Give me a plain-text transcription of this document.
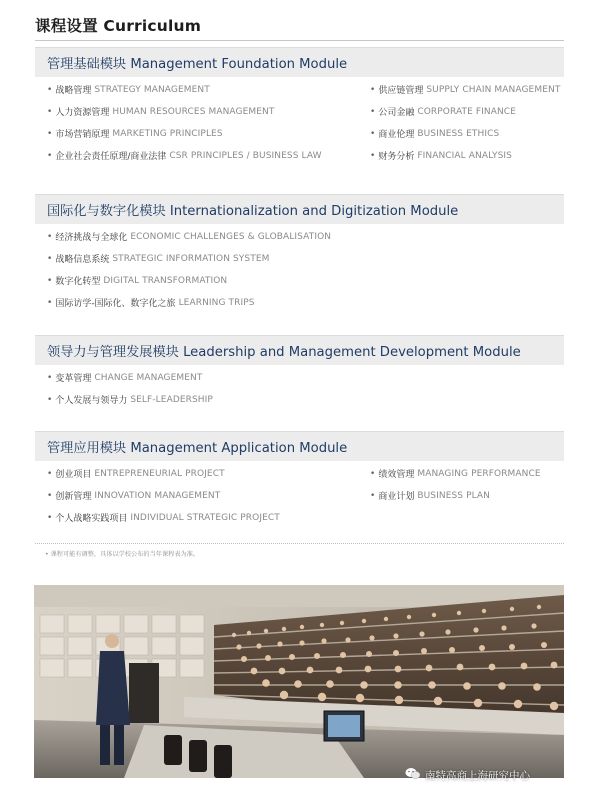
课程设置 Curriculum
管理基础模块 Management Foundation Module
• 战略管理 STRATEGY MANAGEMENT
• 人力资源管理 HUMAN RESOURCES MANAGEMENT
• 市场营销原理 MARKETING PRINCIPLES
• 企业社会责任原理/商业法律 CSR PRINCIPLES / BUSINESS LAW
• 供应链管理 SUPPLY CHAIN MANAGEMENT
• 公司金融 CORPORATE FINANCE
• 商业伦理 BUSINESS ETHICS
• 财务分析 FINANCIAL ANALYSIS
国际化与数字化模块 Internationalization and Digitization Module
• 经济挑战与全球化 ECONOMIC CHALLENGES & GLOBALISATION
• 战略信息系统 STRATEGIC INFORMATION SYSTEM
• 数字化转型 DIGITAL TRANSFORMATION
• 国际访学-国际化、数字化之旅 LEARNING TRIPS
领导力与管理发展模块 Leadership and Management Development Module
• 变革管理 CHANGE MANAGEMENT
• 个人发展与领导力 SELF-LEADERSHIP
管理应用模块 Management Application Module
• 创业项目 ENTREPRENEURIAL PROJECT
• 创新管理 INNOVATION MANAGEMENT
• 个人战略实践项目 INDIVIDUAL STRATEGIC PROJECT
• 绩效管理 MANAGING PERFORMANCE
• 商业计划 BUSINESS PLAN
• 课程可能有调整，具体以学校公布的当年课程表为准。
南特高商上海研究中心
